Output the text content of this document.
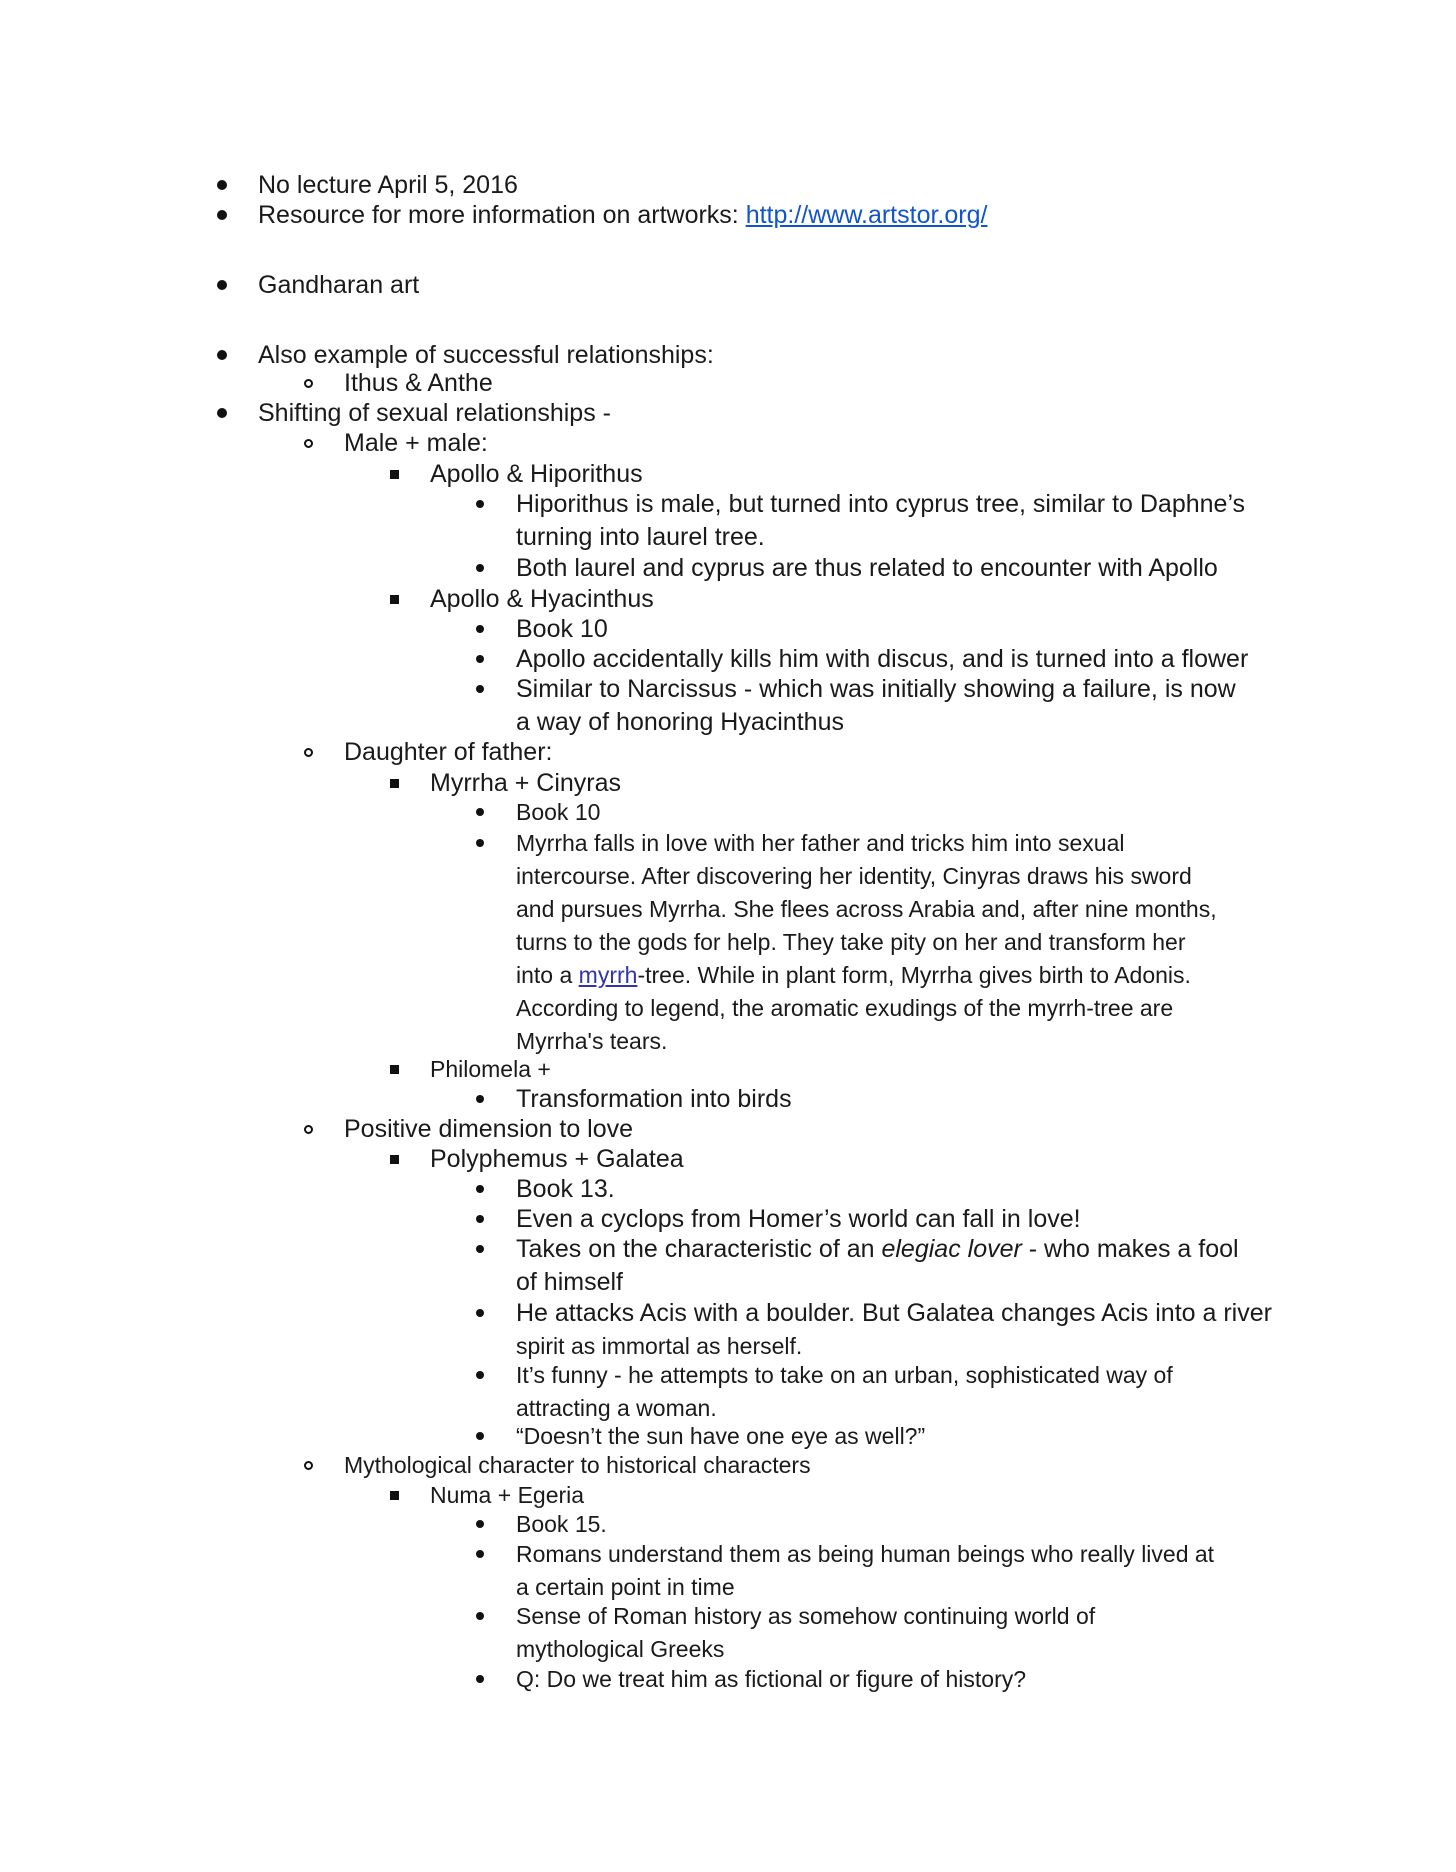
No lecture April 5, 2016
Resource for more information on artworks: http://www.artstor.org/
Gandharan art
Also example of successful relationships:
Ithus & Anthe
Shifting of sexual relationships -
Male + male:
Apollo & Hiporithus
Hiporithus is male, but turned into cyprus tree, similar to Daphne’s
turning into laurel tree.
Both laurel and cyprus are thus related to encounter with Apollo
Apollo & Hyacinthus
Book 10
Apollo accidentally kills him with discus, and is turned into a flower
Similar to Narcissus - which was initially showing a failure, is now
a way of honoring Hyacinthus
Daughter of father:
Myrrha + Cinyras
Book 10
Myrrha falls in love with her father and tricks him into sexual
intercourse. After discovering her identity, Cinyras draws his sword
and pursues Myrrha. She flees across Arabia and, after nine months,
turns to the gods for help. They take pity on her and transform her
into a myrrh-tree. While in plant form, Myrrha gives birth to Adonis.
According to legend, the aromatic exudings of the myrrh-tree are
Myrrha's tears.
Philomela +
Transformation into birds
Positive dimension to love
Polyphemus + Galatea
Book 13.
Even a cyclops from Homer’s world can fall in love!
Takes on the characteristic of an elegiac lover - who makes a fool
of himself
He attacks Acis with a boulder. But Galatea changes Acis into a river
spirit as immortal as herself.
It’s funny - he attempts to take on an urban, sophisticated way of
attracting a woman.
“Doesn’t the sun have one eye as well?”
Mythological character to historical characters
Numa + Egeria
Book 15.
Romans understand them as being human beings who really lived at
a certain point in time
Sense of Roman history as somehow continuing world of
mythological Greeks
Q: Do we treat him as fictional or figure of history?
